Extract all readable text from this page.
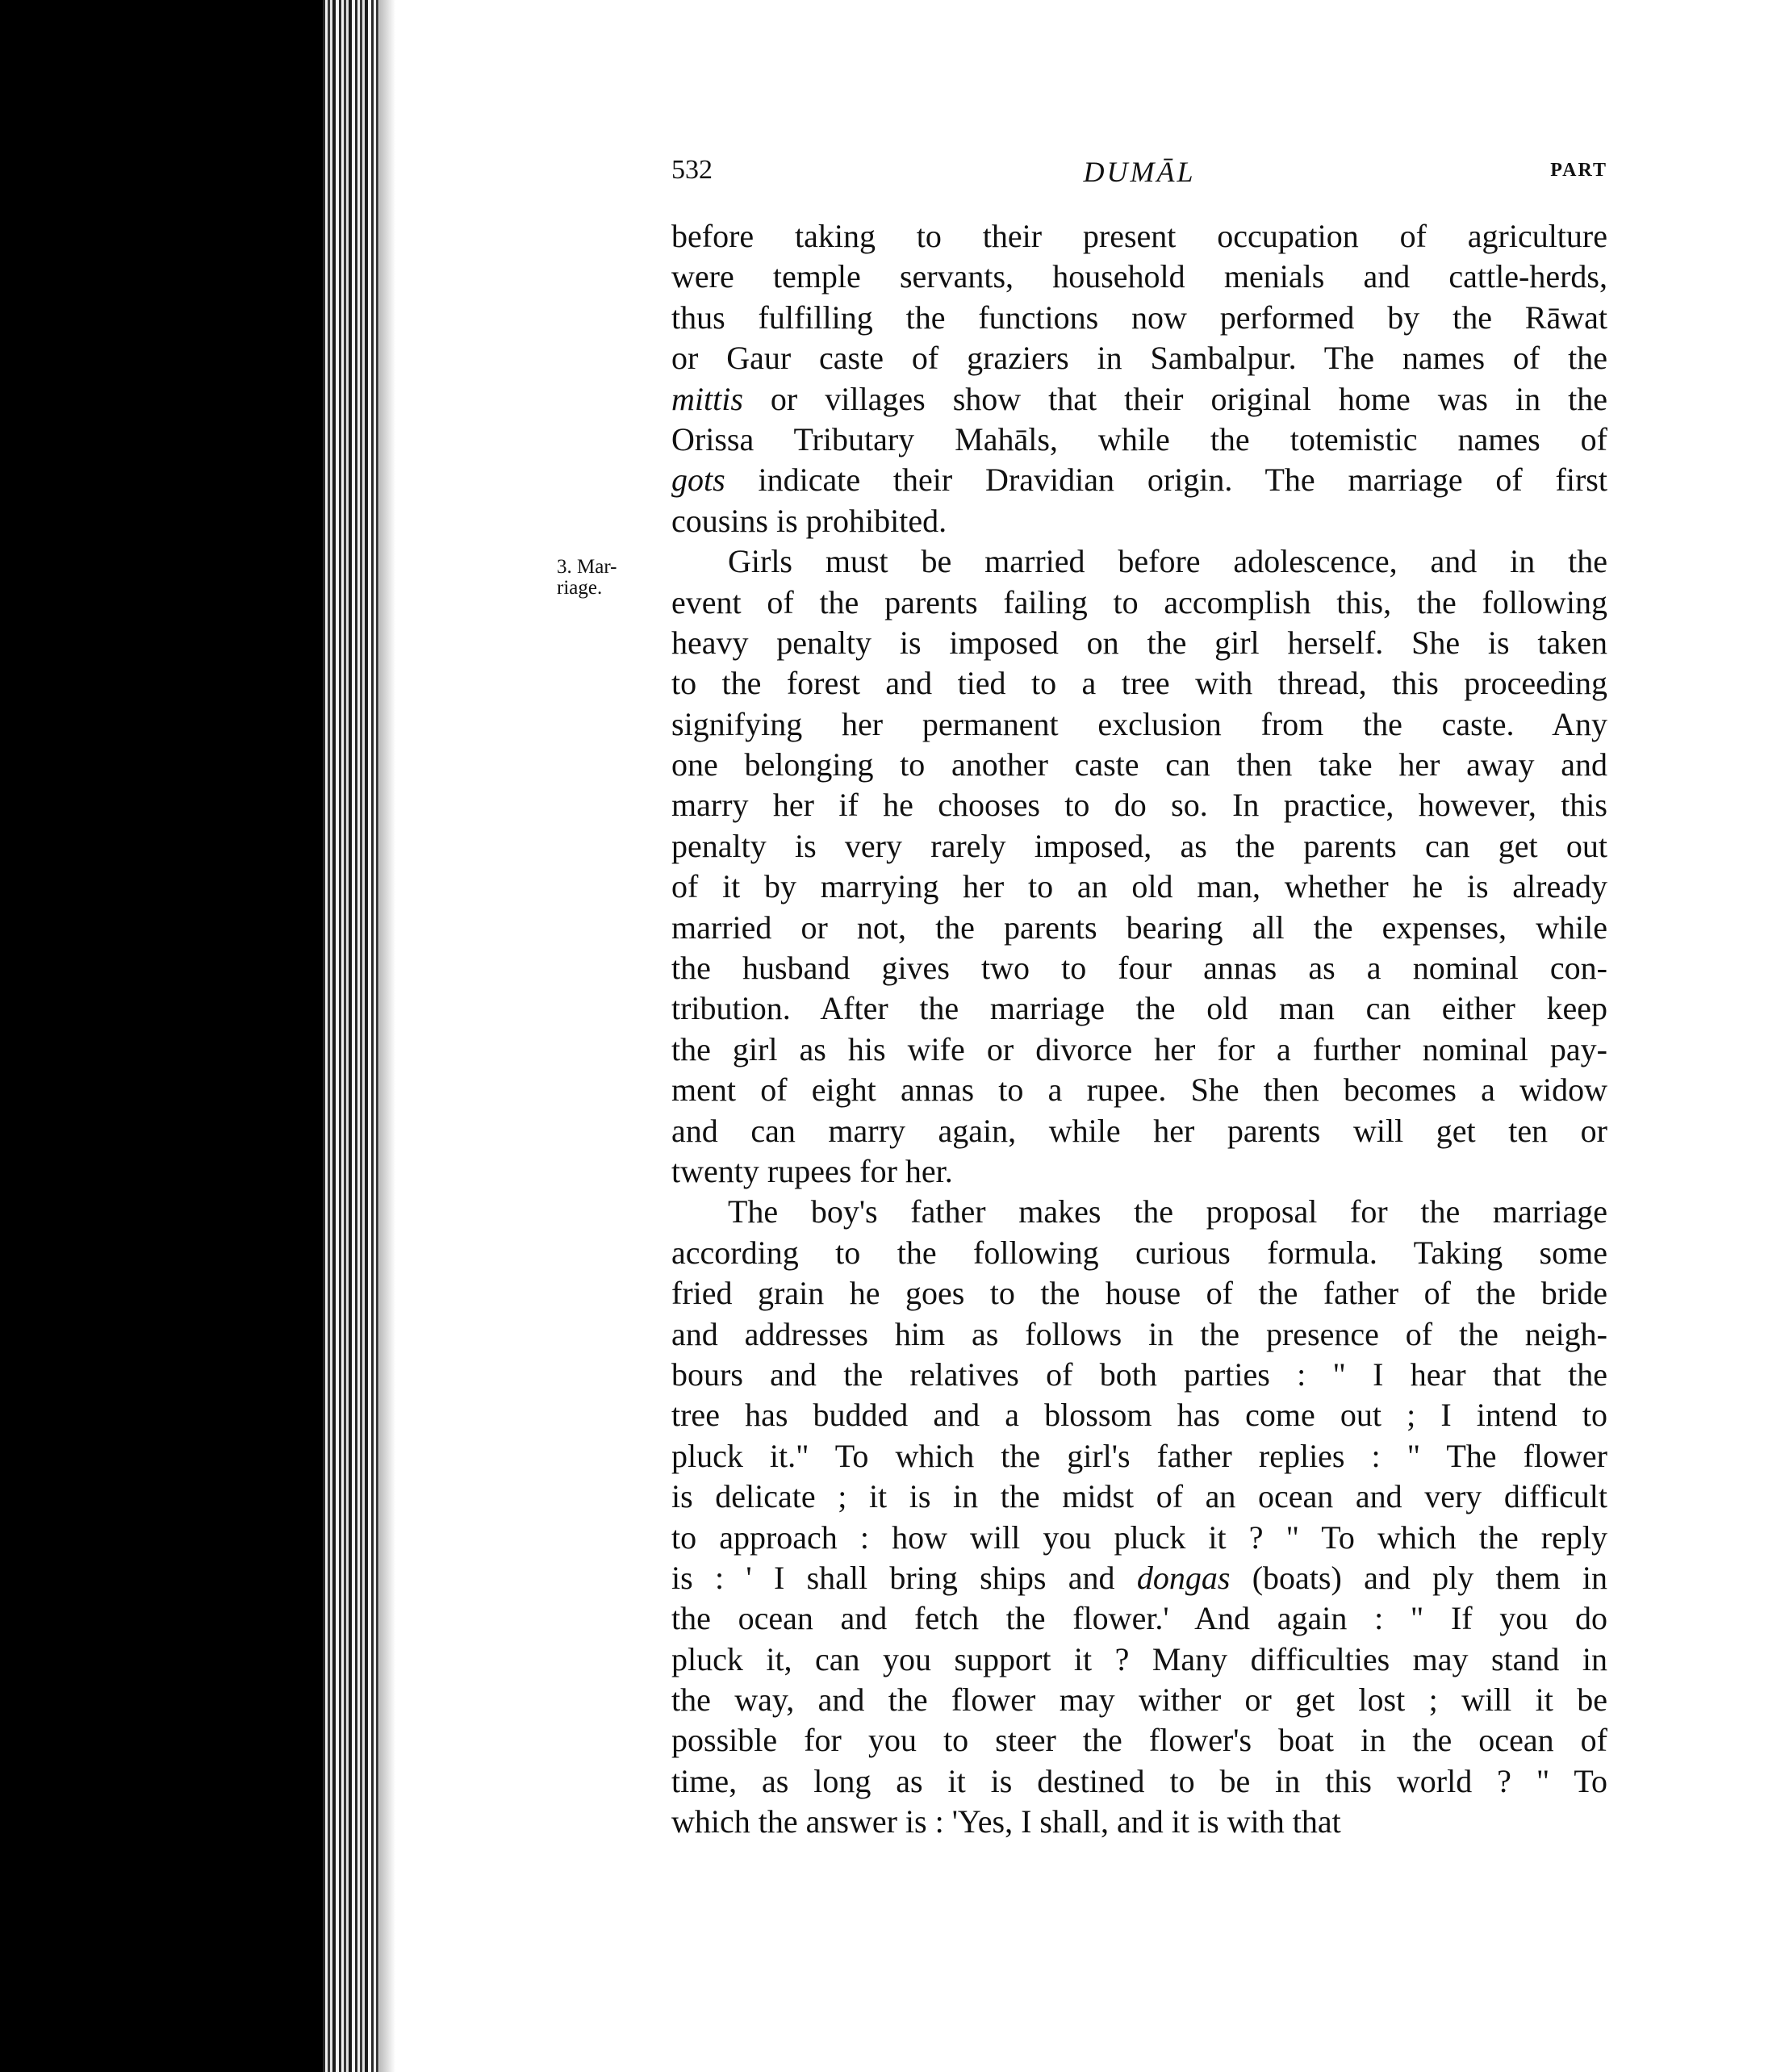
532	DUMĀL	PART
3. Mar-
riage.
before taking to their present occupation of agriculture
were temple servants, household menials and cattle-herds,
thus fulfilling the functions now performed by the Rāwat
or Gaur caste of graziers in Sambalpur. The names of the
mittis or villages show that their original home was in the
Orissa Tributary Mahāls, while the totemistic names of
gots indicate their Dravidian origin. The marriage of first
cousins is prohibited.
Girls must be married before adolescence, and in the
event of the parents failing to accomplish this, the following
heavy penalty is imposed on the girl herself. She is taken
to the forest and tied to a tree with thread, this proceeding
signifying her permanent exclusion from the caste. Any
one belonging to another caste can then take her away and
marry her if he chooses to do so. In practice, however, this
penalty is very rarely imposed, as the parents can get out
of it by marrying her to an old man, whether he is already
married or not, the parents bearing all the expenses, while
the husband gives two to four annas as a nominal con-
tribution. After the marriage the old man can either keep
the girl as his wife or divorce her for a further nominal pay-
ment of eight annas to a rupee. She then becomes a widow
and can marry again, while her parents will get ten or
twenty rupees for her.
The boy's father makes the proposal for the marriage
according to the following curious formula. Taking some
fried grain he goes to the house of the father of the bride
and addresses him as follows in the presence of the neigh-
bours and the relatives of both parties : " I hear that the
tree has budded and a blossom has come out ; I intend to
pluck it." To which the girl's father replies : " The flower
is delicate ; it is in the midst of an ocean and very difficult
to approach : how will you pluck it ? " To which the reply
is : ' I shall bring ships and dongas (boats) and ply them in
the ocean and fetch the flower.' And again : " If you do
pluck it, can you support it ? Many difficulties may stand in
the way, and the flower may wither or get lost ; will it be
possible for you to steer the flower's boat in the ocean of
time, as long as it is destined to be in this world ? " To
which the answer is : 'Yes, I shall, and it is with that
